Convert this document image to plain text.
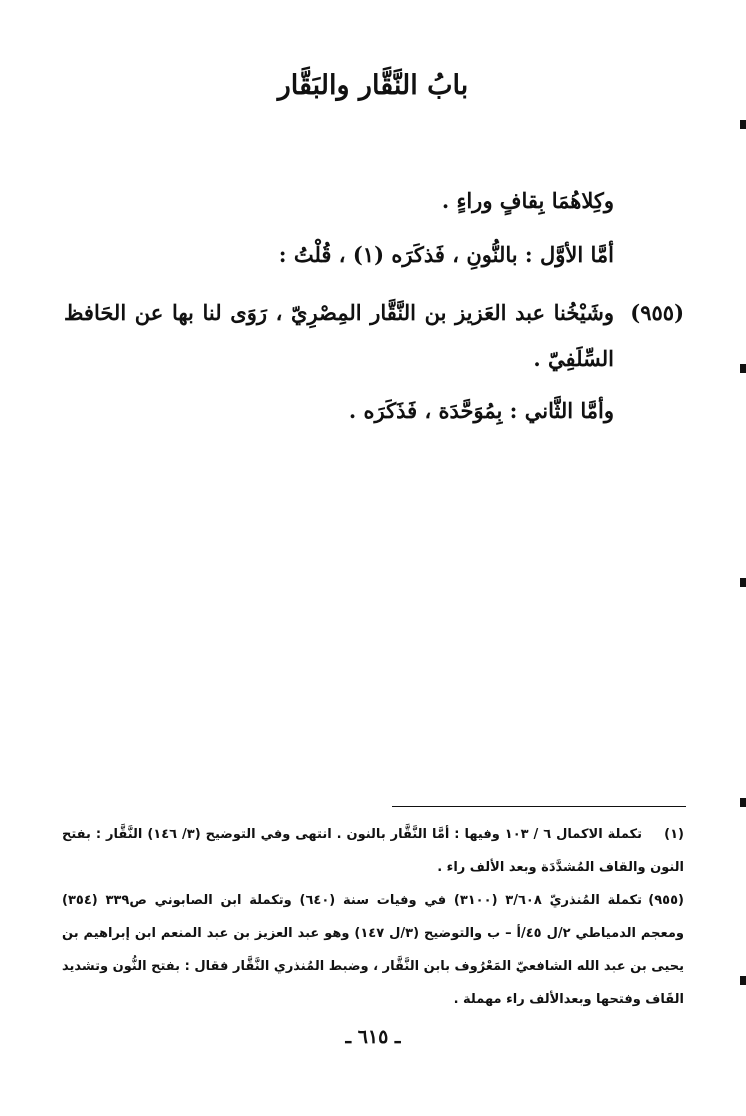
بابُ النَّقَّار والبَقَّار
وكِلاهُمَا بِقافٍ وراءٍ .
أمَّا الأوَّل : بالنُّونِ ، فَذكَرَه (١) ، قُلْتُ :
(٩٥٥)
وشَيْخُنا عبد العَزيز بن النَّقَّار المِصْرِيّ ، رَوَى لنا بها عن الحَافظ السِّلَفِيّ .
وأمَّا الثَّاني : بِمُوَحَّدَة ، فَذَكَرَه .
(١)
تكملة الاكمال ٦ / ١٠٣ وفيها : أمَّا النَّقَّار بالنون . انتهى وفي التوضيح (٣/ ١٤٦) النَّقَّار : بفتح النون والقاف المُشدَّدَة وبعد الألف راء .
(٩٥٥)
تكملة المُنذريّ ٣/٦٠٨ (٣١٠٠) في وفيات سنة (٦٤٠) وتكملة ابن الصابوني ص٣٣٩ (٣٥٤) ومعجم الدمياطي ٢/ل ٤٥/أ – ب والتوضيح (٣/ل ١٤٧) وهو عبد العزيز بن عبد المنعم ابن إبراهيم بن يحيى بن عبد الله الشافعيّ المَعْرُوف بابن النَّقَّار ، وضبط المُنذري النَّقَّار فقال : بفتح النُّون وتشديد القَاف وفتحها وبعدالألف راء مهملة .
ـ ٦١٥ ـ
